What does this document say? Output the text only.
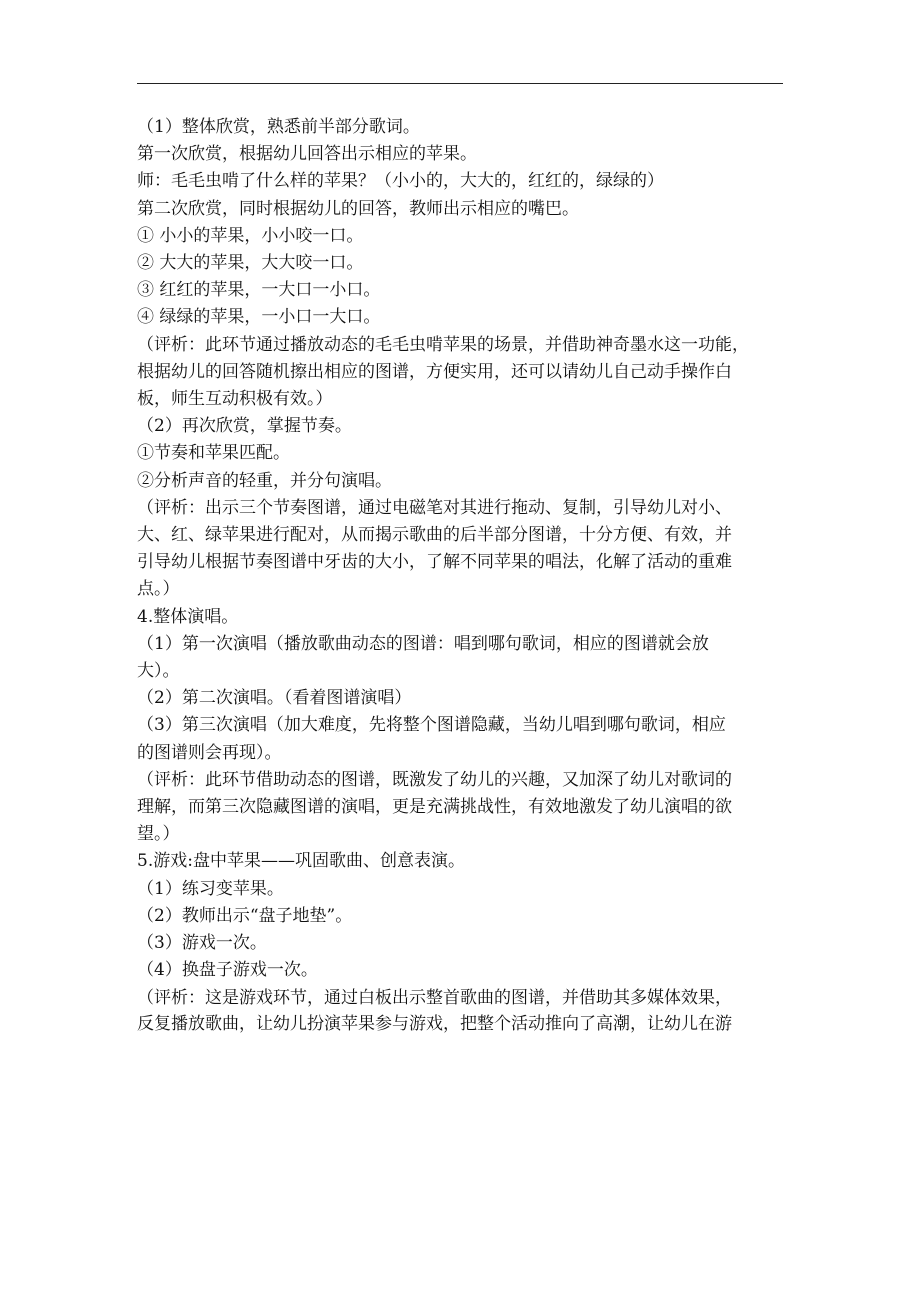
（1）整体欣赏，熟悉前半部分歌词。
第一次欣赏，根据幼儿回答出示相应的苹果。
师：毛毛虫啃了什么样的苹果？（小小的，大大的，红红的，绿绿的）
第二次欣赏，同时根据幼儿的回答，教师出示相应的嘴巴。
① 小小的苹果，小小咬一口。
② 大大的苹果，大大咬一口。
③ 红红的苹果，一大口一小口。
④ 绿绿的苹果，一小口一大口。
（评析：此环节通过播放动态的毛毛虫啃苹果的场景，并借助神奇墨水这一功能，
根据幼儿的回答随机擦出相应的图谱，方便实用，还可以请幼儿自己动手操作白
板，师生互动积极有效。）
（2）再次欣赏，掌握节奏。
①节奏和苹果匹配。
②分析声音的轻重，并分句演唱。
（评析：出示三个节奏图谱，通过电磁笔对其进行拖动、复制，引导幼儿对小、
大、红、绿苹果进行配对，从而揭示歌曲的后半部分图谱，十分方便、有效，并
引导幼儿根据节奏图谱中牙齿的大小，了解不同苹果的唱法，化解了活动的重难
点。）
4.整体演唱。
（1）第一次演唱（播放歌曲动态的图谱：唱到哪句歌词，相应的图谱就会放
大）。
（2）第二次演唱。（看着图谱演唱）
（3）第三次演唱（加大难度，先将整个图谱隐藏，当幼儿唱到哪句歌词，相应
的图谱则会再现）。
（评析：此环节借助动态的图谱，既激发了幼儿的兴趣，又加深了幼儿对歌词的
理解，而第三次隐藏图谱的演唱，更是充满挑战性，有效地激发了幼儿演唱的欲
望。）
5.游戏:盘中苹果——巩固歌曲、创意表演。
（1）练习变苹果。
（2）教师出示“盘子地垫”。
（3）游戏一次。
（4）换盘子游戏一次。
（评析：这是游戏环节，通过白板出示整首歌曲的图谱，并借助其多媒体效果，
反复播放歌曲，让幼儿扮演苹果参与游戏，把整个活动推向了高潮，让幼儿在游
